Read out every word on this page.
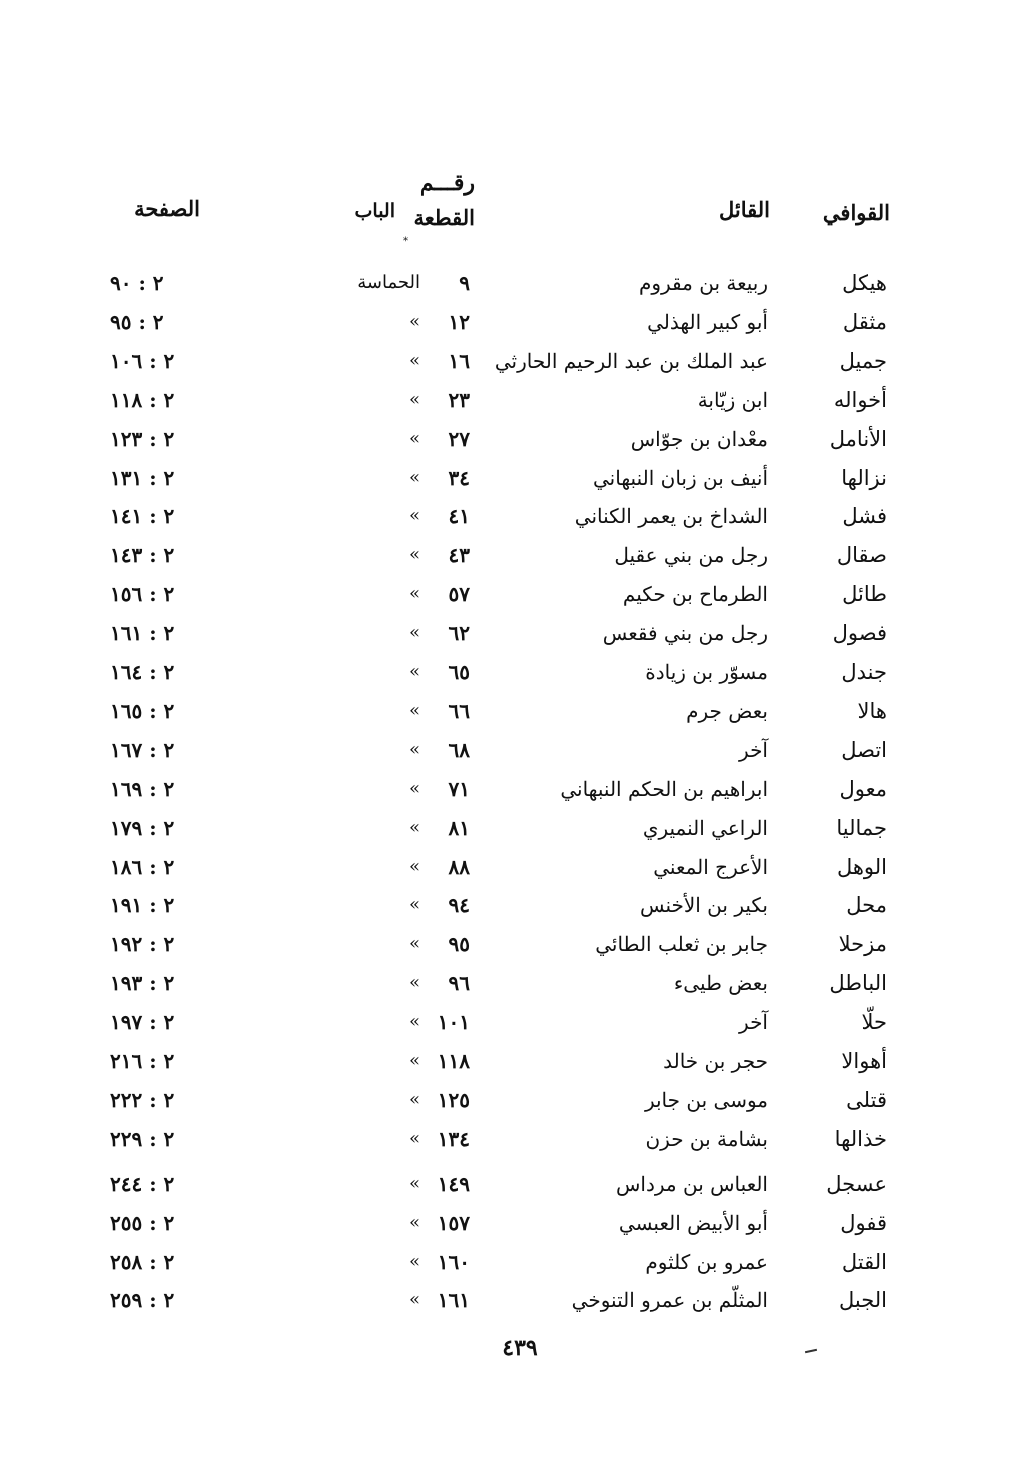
القوافي
القائل
رقـــم
القطعة
الباب
الصفحة
*
هيكل
ربيعة بن مقروم
٩
الحماسة
٢ : ٩٠
مثقل
أبو كبير الهذلي
١٢
»
٢ : ٩٥
جميل
عبد الملك بن عبد الرحيم الحارثي
١٦
»
٢ : ١٠٦
أخواله
ابن زيّابة
٢٣
»
٢ : ١١٨
الأنامل
معْدان بن جوّاس
٢٧
»
٢ : ١٢٣
نزالها
أنيف بن زبان النبهاني
٣٤
»
٢ : ١٣١
فشل
الشداخ بن يعمر الكناني
٤١
»
٢ : ١٤١
صقال
رجل من بني عقيل
٤٣
»
٢ : ١٤٣
طائل
الطرماح بن حكيم
٥٧
»
٢ : ١٥٦
فصول
رجل من بني فقعس
٦٢
»
٢ : ١٦١
جندل
مسوّر بن زيادة
٦٥
»
٢ : ١٦٤
هالا
بعض جرم
٦٦
»
٢ : ١٦٥
اتصل
آخر
٦٨
»
٢ : ١٦٧
معول
ابراهيم بن الحكم النبهاني
٧١
»
٢ : ١٦٩
جماليا
الراعي النميري
٨١
»
٢ : ١٧٩
الوهل
الأعرج المعني
٨٨
»
٢ : ١٨٦
محل
بكير بن الأخنس
٩٤
»
٢ : ١٩١
مزحلا
جابر بن ثعلب الطائي
٩٥
»
٢ : ١٩٢
الباطل
بعض طيىء
٩٦
»
٢ : ١٩٣
حلّا
آخر
١٠١
»
٢ : ١٩٧
أهوالا
حجر بن خالد
١١٨
»
٢ : ٢١٦
قتلى
موسى بن جابر
١٢٥
»
٢ : ٢٢٢
خذالها
بشامة بن حزن
١٣٤
»
٢ : ٢٢٩
عسجل
العباس بن مرداس
١٤٩
»
٢ : ٢٤٤
قفول
أبو الأبيض العبسي
١٥٧
»
٢ : ٢٥٥
القتل
عمرو بن كلثوم
١٦٠
»
٢ : ٢٥٨
الجبل
المثلّم بن عمرو التنوخي
١٦١
»
٢ : ٢٥٩
٤٣٩
